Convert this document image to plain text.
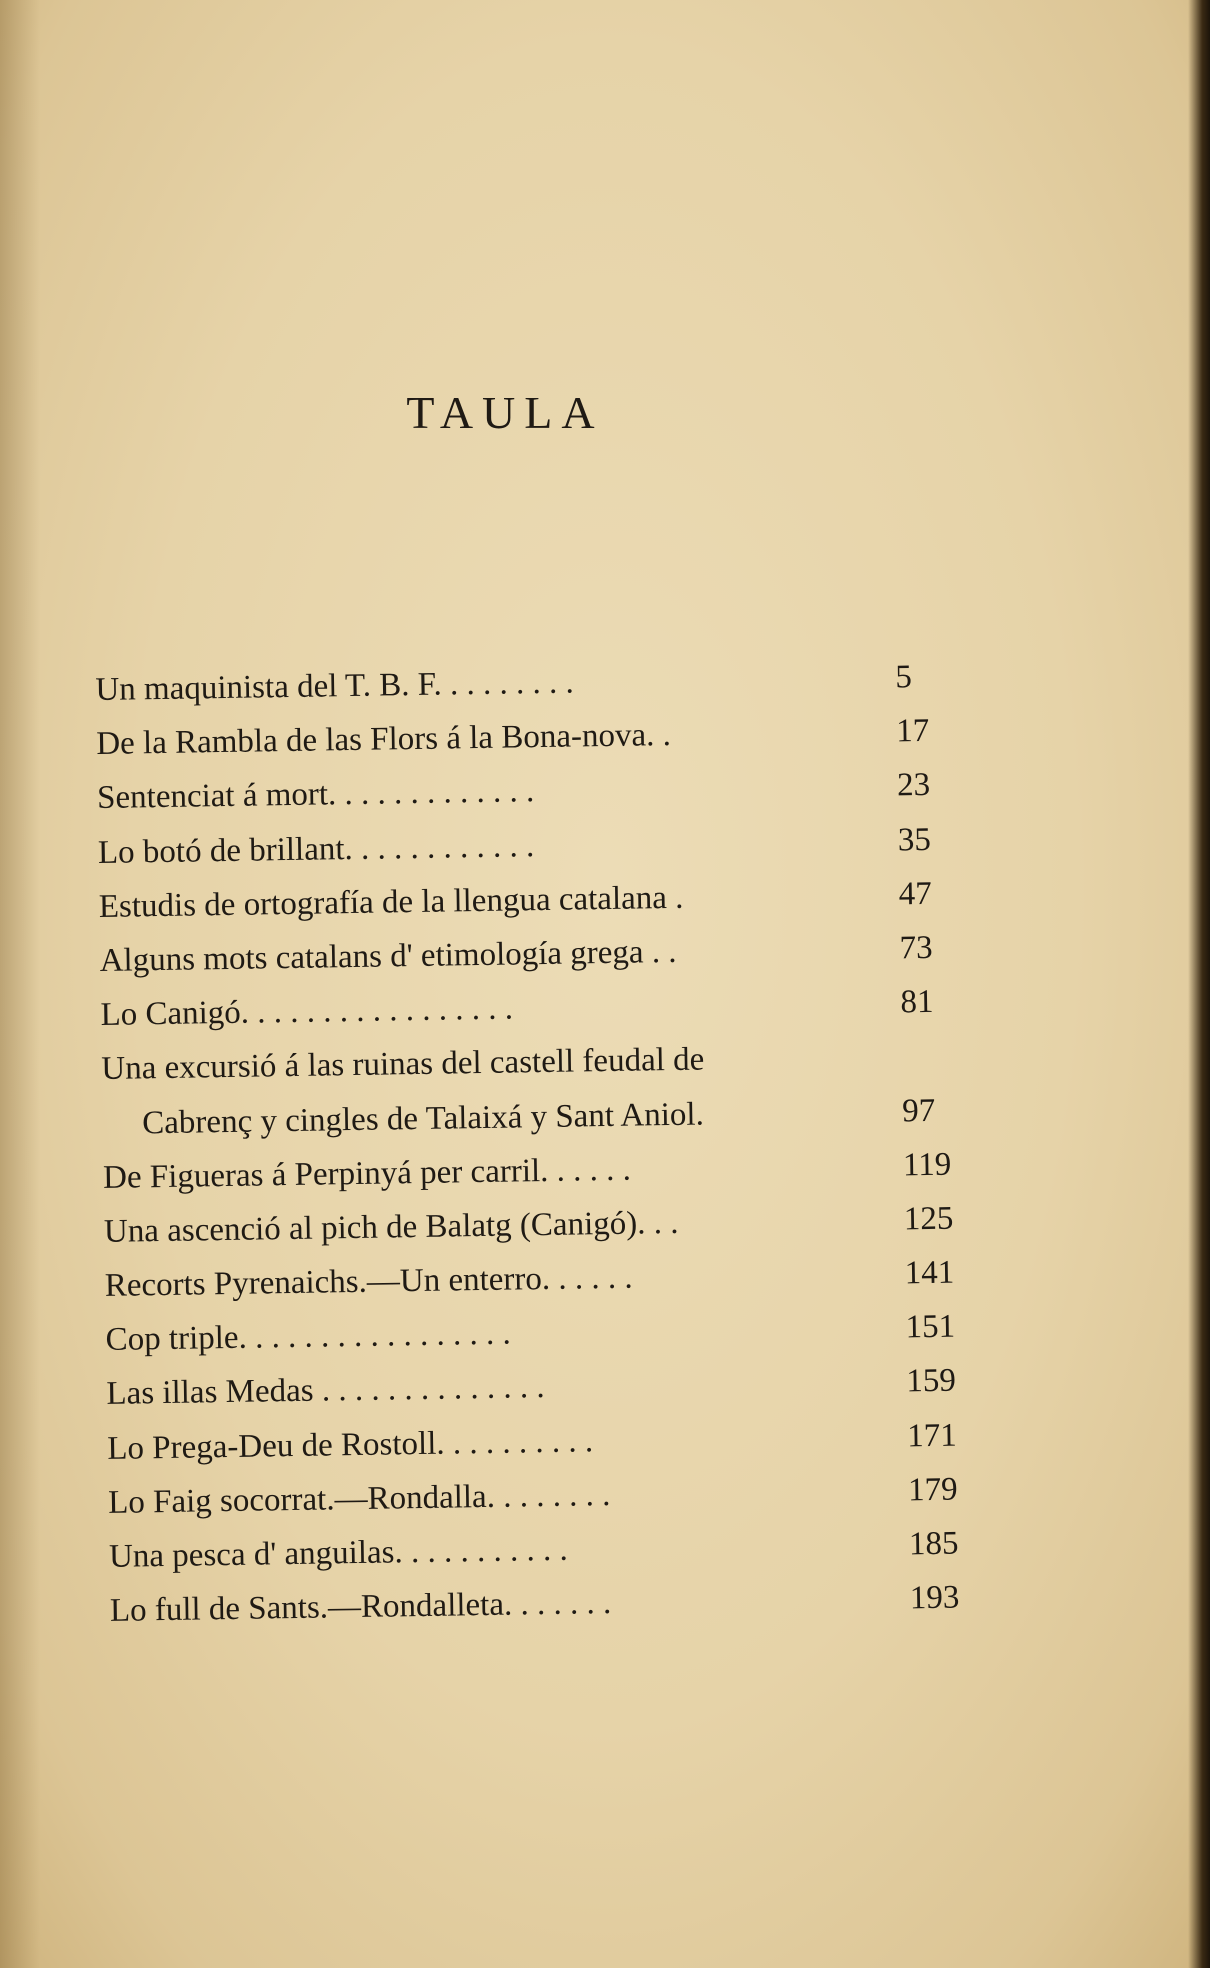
TAULA
Un maquinista del T. B. F. . . . . . . . .	5
De la Rambla de las Flors á la Bona-nova. .	17
Sentenciat á mort. . . . . . . . . . . . .	23
Lo botó de brillant. . . . . . . . . . . .	35
Estudis de ortografía de la llengua catalana .	47
Alguns mots catalans d' etimología grega . .	73
Lo Canigó. . . . . . . . . . . . . . . . .	81
Una excursió á las ruinas del castell feudal de
Cabrenç y cingles de Talaixá y Sant Aniol.	97
De Figueras á Perpinyá per carril. . . . . .	119
Una ascenció al pich de Balatg (Canigó). . .	125
Recorts Pyrenaichs.—Un enterro. . . . . .	141
Cop triple. . . . . . . . . . . . . . . . .	151
Las illas Medas . . . . . . . . . . . . . .	159
Lo Prega-Deu de Rostoll. . . . . . . . . .	171
Lo Faig socorrat.—Rondalla. . . . . . . .	179
Una pesca d' anguilas. . . . . . . . . . .	185
Lo full de Sants.—Rondalleta. . . . . . .	193
